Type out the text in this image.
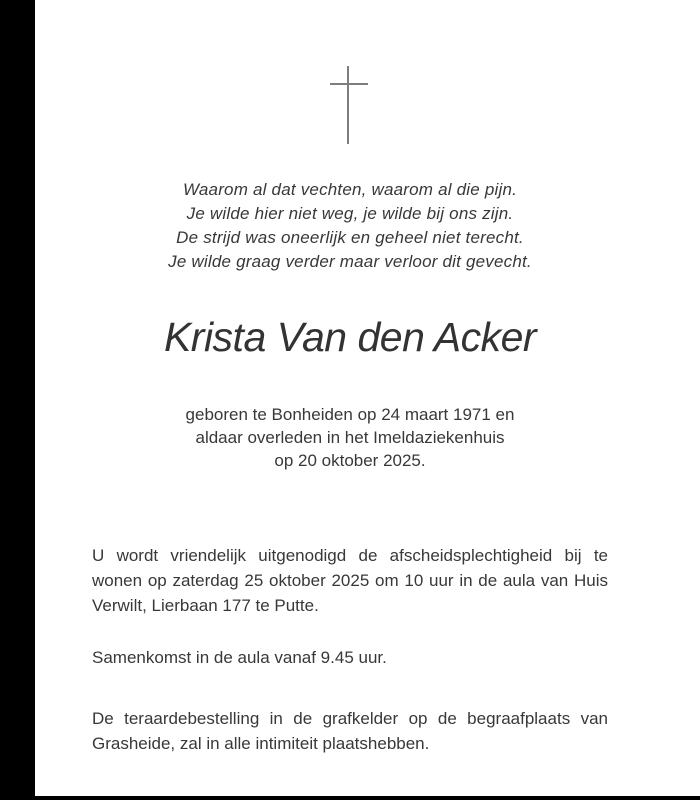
Waarom al dat vechten, waarom al die pijn.
Je wilde hier niet weg, je wilde bij ons zijn.
De strijd was oneerlijk en geheel niet terecht.
Je wilde graag verder maar verloor dit gevecht.
Krista Van den Acker
geboren te Bonheiden op 24 maart 1971 en
aldaar overleden in het Imeldaziekenhuis
op 20 oktober 2025.
U wordt vriendelijk uitgenodigd de afscheidsplechtigheid bij te wonen op zaterdag 25 oktober 2025 om 10 uur in de aula van Huis Verwilt, Lierbaan 177 te Putte.
Samenkomst in de aula vanaf 9.45 uur.
De teraardebestelling in de grafkelder op de begraafplaats van Grasheide, zal in alle intimiteit plaatshebben.
